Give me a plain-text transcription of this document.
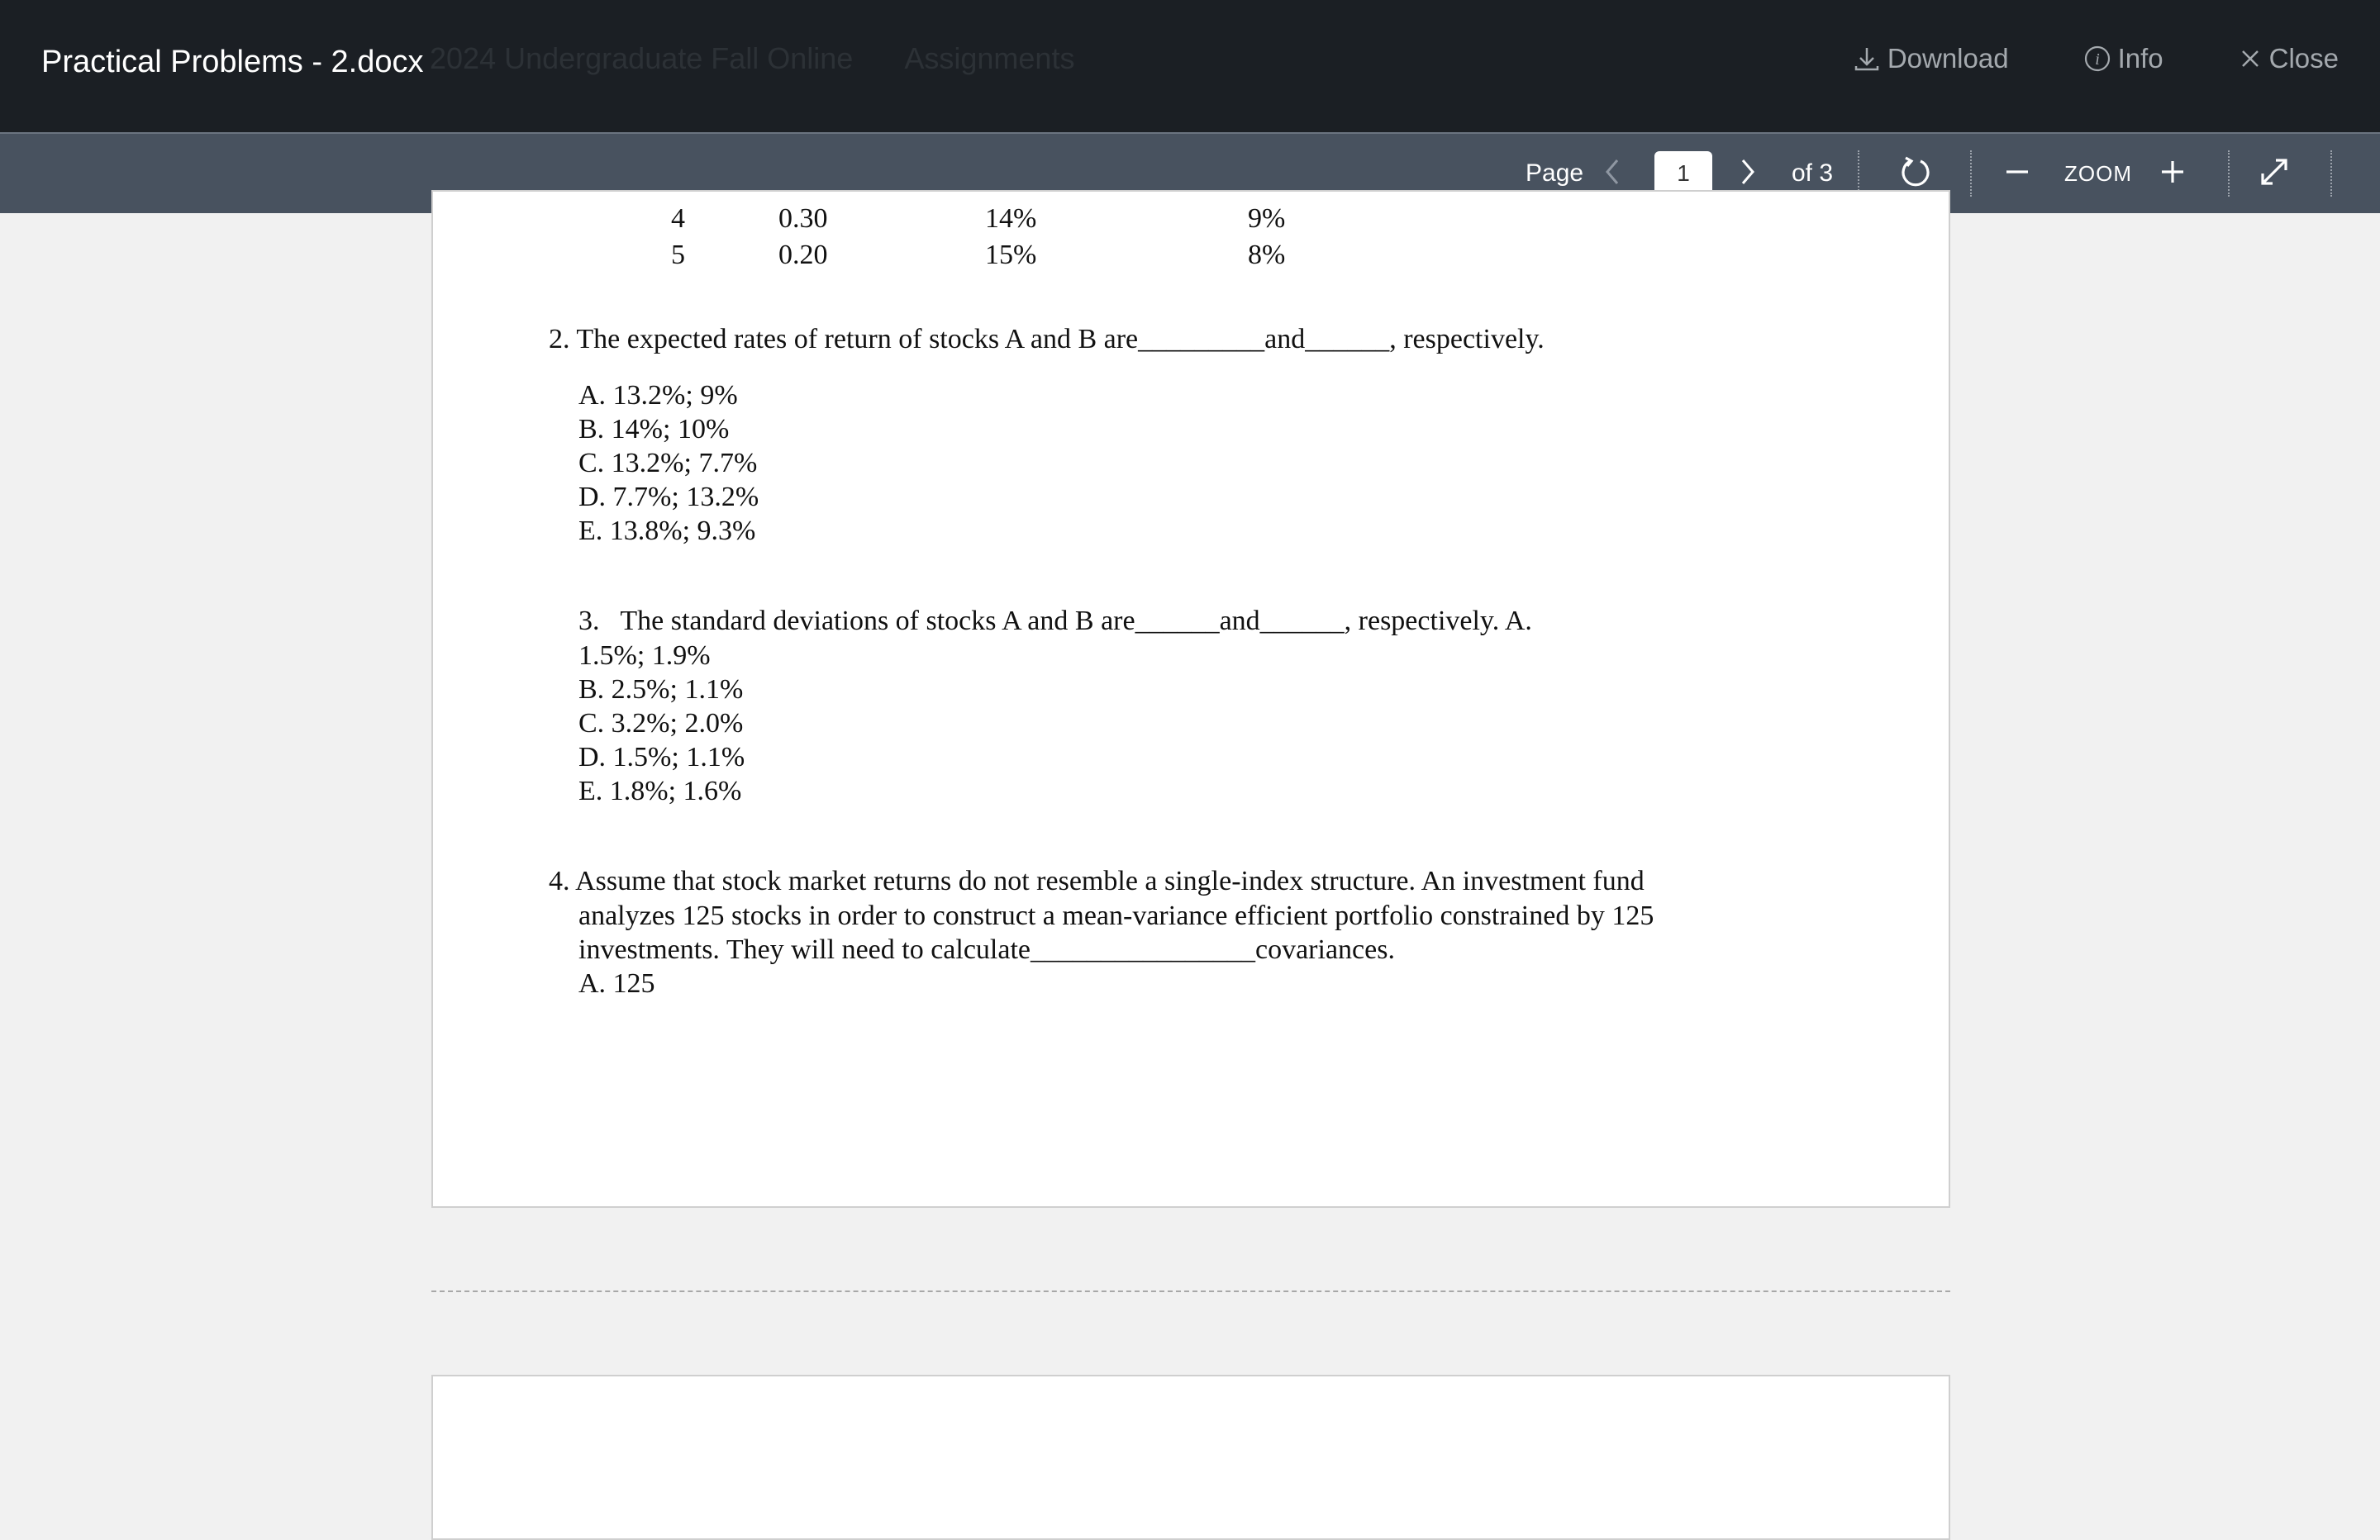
2024 Undergraduate Fall Online Assignments
Practical Problems - 2.docx	Download	i Info	Close
Page
1	of 3	ZOOM
4	0.30	14%	9%
5	0.20	15%	8%
2. The expected rates of return of stocks A and B are_________and______, respectively.
A. 13.2%; 9%
B. 14%; 10%
C. 13.2%; 7.7%
D. 7.7%; 13.2%
E. 13.8%; 9.3%
3.   The standard deviations of stocks A and B are______and______, respectively. A.
1.5%; 1.9%
B. 2.5%; 1.1%
C. 3.2%; 2.0%
D. 1.5%; 1.1%
E. 1.8%; 1.6%
4. Assume that stock market returns do not resemble a single-index structure. An investment fund
analyzes 125 stocks in order to construct a mean-variance efficient portfolio constrained by 125
investments. They will need to calculate________________covariances.
A. 125
